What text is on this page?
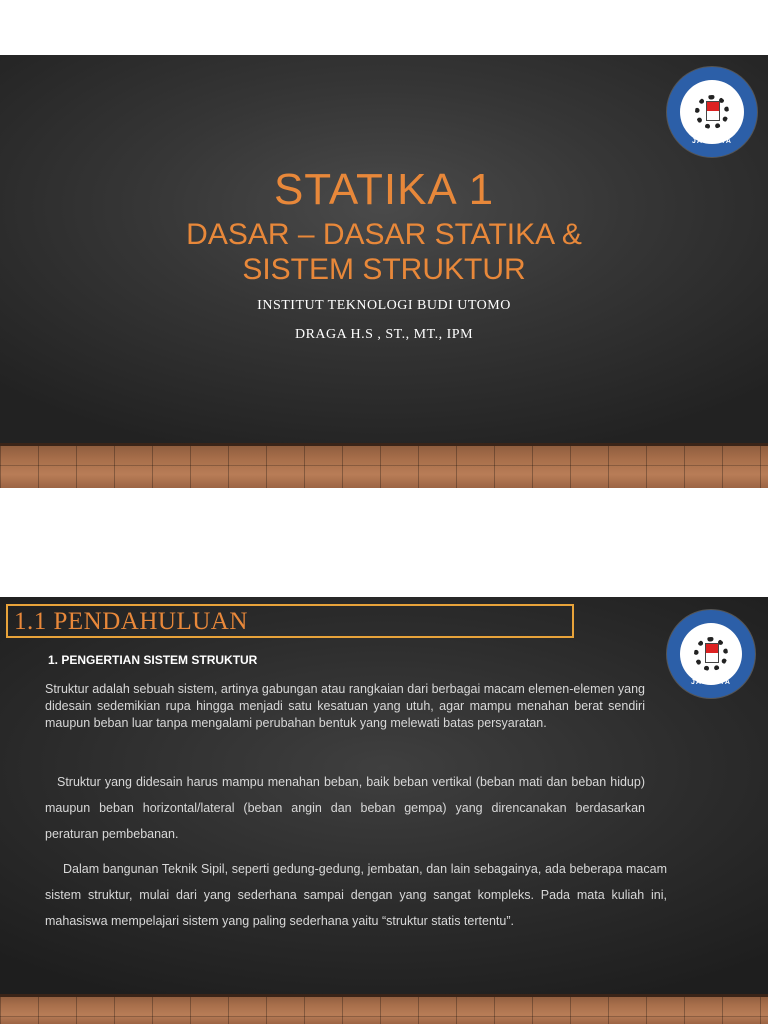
JAKARTA
STATIKA 1
DASAR – DASAR STATIKA &
SISTEM STRUKTUR
INSTITUT TEKNOLOGI BUDI UTOMO
DRAGA H.S , ST., MT., IPM
1.1 PENDAHULUAN
JAKARTA
1. PENGERTIAN SISTEM STRUKTUR
Struktur adalah sebuah sistem, artinya gabungan atau rangkaian dari berbagai macam elemen-elemen yang didesain sedemikian rupa hingga menjadi satu kesatuan yang utuh, agar mampu menahan berat sendiri maupun beban luar tanpa mengalami perubahan bentuk yang melewati batas persyaratan.
Struktur yang didesain harus mampu menahan beban, baik beban vertikal (beban mati dan beban hidup) maupun beban horizontal/lateral (beban angin dan beban gempa) yang direncanakan berdasarkan peraturan pembebanan.
Dalam bangunan Teknik Sipil, seperti gedung-gedung, jembatan, dan lain sebagainya, ada beberapa macam sistem struktur, mulai dari yang sederhana sampai dengan yang sangat kompleks. Pada mata kuliah ini, mahasiswa mempelajari sistem yang paling sederhana yaitu “struktur statis tertentu”.
